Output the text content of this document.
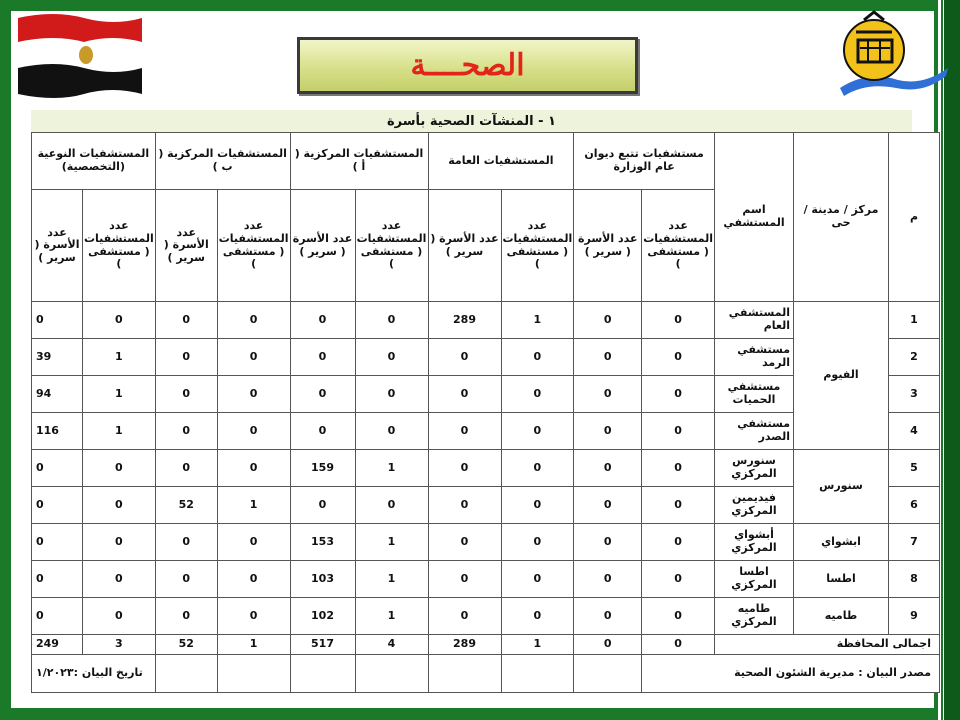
الصحــــة
١ - المنشآت الصحية بأسرة
المستشفيات النوعية (التخصصية)		المستشفيات المركزية ( ب )		المستشفيات المركزية ( أ )		المستشفيات العامة		مستشفيات تتبع ديوان عام الوزارة		اسم المستشفي	مركز / مدينة / حى	م
عدد الأسرة ( سرير )	عدد المستشفيات ( مستشفى )	عدد الأسرة ( سرير )	عدد المستشفيات ( مستشفى )	عدد الأسرة ( سرير )	عدد المستشفيات ( مستشفى )	عدد الأسرة ( سرير )	عدد المستشفيات ( مستشفى )	عدد الأسرة ( سرير )	عدد المستشفيات ( مستشفى )			
0	0	0	0	0	0	289	1	0	0	المستشفي العام	الفيوم	1
39	1	0	0	0	0	0	0	0	0	مستشفي الرمد		2
94	1	0	0	0	0	0	0	0	0	مستشفي الحميات		3
116	1	0	0	0	0	0	0	0	0	مستشفي الصدر		4
0	0	0	0	159	1	0	0	0	0	سنورس المركزي	سنورس	5
0	0	52	1	0	0	0	0	0	0	فيديمين المركزي		6
0	0	0	0	153	1	0	0	0	0	أبشواي المركزي	ابشواي	7
0	0	0	0	103	1	0	0	0	0	اطسا المركزي	اطسا	8
0	0	0	0	102	1	0	0	0	0	طاميه المركزي	طاميه	9
249	3	52	1	517	4	289	1	0	0	اجمالى المحافظة		
تاريخ البيان :١/٢٠٢٣									مصدر البيان : مديرية الشئون الصحية			
